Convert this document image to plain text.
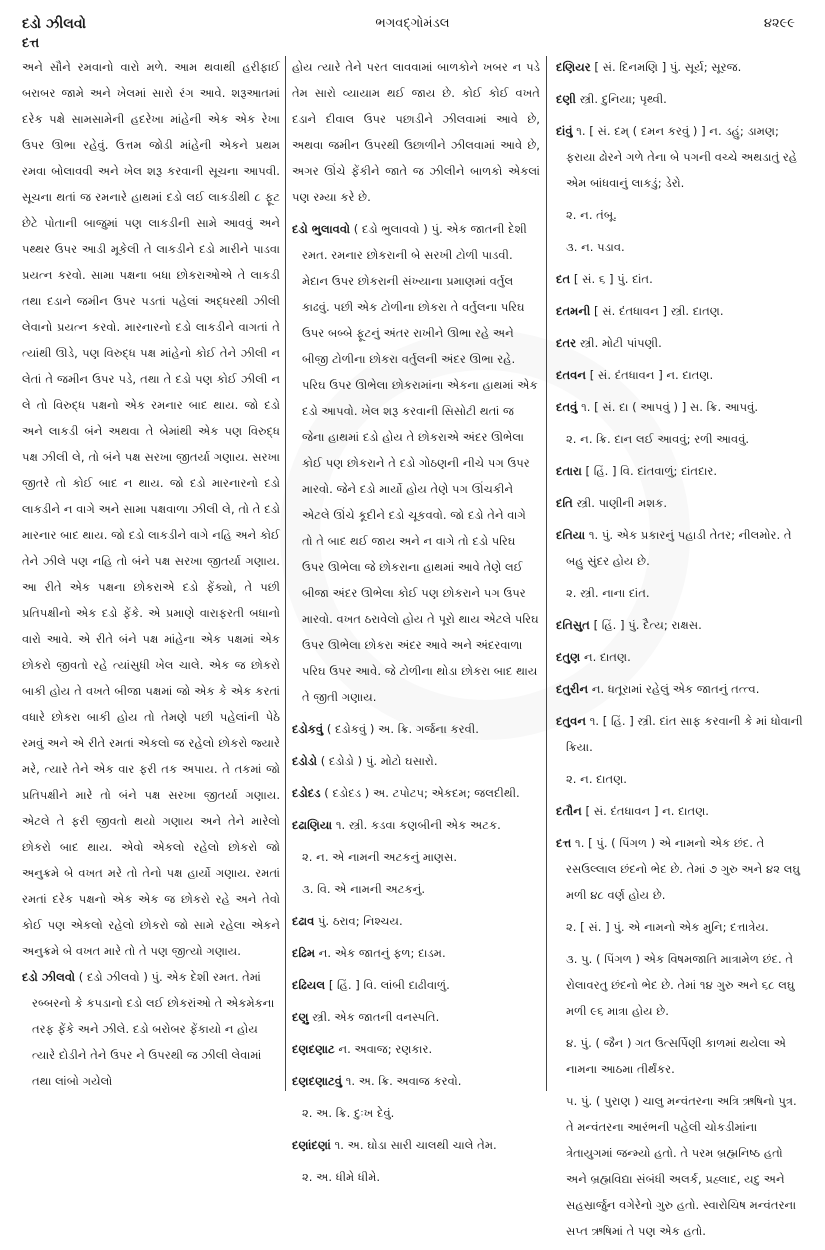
દડો ઝીલવો
દત્ત
ભગવદ્ગોમંડલ	૪૨૯૯

અને સૌને રમવાનો વારો મળે. આમ થવાથી હરીફાઈ બરાબર જામે અને ખેલમાં સારો રંગ આવે. શરૂઆતમાં દરેક પક્ષે સામસામેની હદરેખા માંહેની એક એક રેખા ઉપર ઊભા રહેવું. ઉત્તમ જોડી માંહેની એકને પ્રથમ રમવા બોલાવવી અને ખેલ શરૂ કરવાની સૂચના આપવી. સૂચના થતાં જ રમનારે હાથમાં દડો લઈ લાકડીથી ૮ ફૂટ છેટે પોતાની બાજુમાં પણ લાકડીની સામે આવવું અને પથ્થર ઉપર આડી મૂકેલી તે લાકડીને દડો મારીને પાડવા પ્રયત્ન કરવો. સામા પક્ષના બધા છોકરાઓએ તે લાકડી તથા દડાને જમીન ઉપર પડતાં પહેલાં અદ્ધરથી ઝીલી લેવાનો પ્રયત્ન કરવો. મારનારનો દડો લાકડીને વાગતાં તે ત્યાંથી ઊડે, પણ વિરુદ્ધ પક્ષ માંહેનો કોઈ તેને ઝીલી ન લેતાં તે જમીન ઉપર પડે, તથા તે દડો પણ કોઈ ઝીલી ન લે તો વિરુદ્ધ પક્ષનો એક રમનાર બાદ થાય. જો દડો અને લાકડી બંને અથવા તે બેમાંથી એક પણ વિરુદ્ધ પક્ષ ઝીલી લે, તો બંને પક્ષ સરખા જીતર્યા ગણાય. સરખા જીતરે તો કોઈ બાદ ન થાય. જો દડો મારનારનો દડો લાકડીને ન વાગે અને સામા પક્ષવાળા ઝીલી લે, તો તે દડો મારનાર બાદ થાય. જો દડો લાકડીને વાગે નહિ અને કોઈ તેને ઝીલે પણ નહિ તો બંને પક્ષ સરખા જીતર્યા ગણાય. આ રીતે એક પક્ષના છોકરાએ દડો ફેંક્યો, તે પછી પ્રતિપક્ષીનો એક દડો ફેંકે. એ પ્રમાણે વારાફરતી બધાનો વારો આવે. એ રીતે બંને પક્ષ માંહેના એક પક્ષમાં એક છોકરો જીવતો રહે ત્યાંસુધી ખેલ ચાલે. એક જ છોકરો બાકી હોય તે વખતે બીજા પક્ષમાં જો એક કે એક કરતાં વધારે છોકરા બાકી હોય તો તેમણે પછી પહેલાંની પેઠે રમવું અને એ રીતે રમતાં એકલો જ રહેલો છોકરો જ્યારે મરે, ત્યારે તેને એક વાર ફરી તક અપાય. તે તકમાં જો પ્રતિપક્ષીને મારે તો બંને પક્ષ સરખા જીતર્યા ગણાય. એટલે તે ફરી જીવતો થયો ગણાય અને તેને મારેલો છોકરો બાદ થાય. એવો એકલો રહેલો છોકરો જો અનુક્રમે બે વખત મરે તો તેનો પક્ષ હાર્યો ગણાય. રમતાં રમતાં દરેક પક્ષનો એક એક જ છોકરો રહે અને તેવો કોઈ પણ એકલો રહેલો છોકરો જો સામે રહેલા એકને અનુક્રમે બે વખત મારે તો તે પણ જીત્યો ગણાય.

દડો ઝીલવો ( દડો ઝીલવો ) પું. એક દેશી રમત. તેમાં રબ્બરનો કે કપડાનો દડો લઈ છોકરાંઓ તે એકમેકના તરફ ફેંકે અને ઝીલે. દડો બરોબર ફેંકાયો ન હોય ત્યારે દોડીને તેને ઉપર ને ઉપરથી જ ઝીલી લેવામાં તથા લાંબો ગયેલો

હોય ત્યારે તેને પરત લાવવામાં બાળકોને ખબર ન પડે તેમ સારો વ્યાયામ થઈ જાય છે. કોઈ કોઈ વખતે દડાને દીવાલ ઉપર પછાડીને ઝીલવામાં આવે છે, અથવા જમીન ઉપરથી ઉછાળીને ઝીલવામાં આવે છે, અગર ઊંચે ફેંકીને જાતે જ ઝીલીને બાળકો એકલાં પણ રમ્યા કરે છે.

દડો ભુલાવવો ( દડો ભુલાવવો ) પું. એક જાતની દેશી રમત. રમનાર છોકરાની બે સરખી ટોળી પાડવી. મેદાન ઉપર છોકરાની સંખ્યાના પ્રમાણમાં વર્તુલ કાઢવું. પછી એક ટોળીના છોકરા તે વર્તુલના પરિઘ ઉપર બબ્બે ફૂટનું અંતર રાખીને ઊભા રહે અને બીજી ટોળીના છોકરા વર્તુલની અંદર ઊભા રહે. પરિઘ ઉપર ઊભેલા છોકરામાંના એકના હાથમાં એક દડો આપવો. ખેલ શરૂ કરવાની સિસોટી થતાં જ જેના હાથમાં દડો હોય તે છોકરાએ અંદર ઊભેલા કોઈ પણ છોકરાને તે દડો ગોઠણની નીચે પગ ઉપર મારવો. જેને દડો માર્યો હોય તેણે પગ ઊંચકીને એટલે ઊંચે કૂદીને દડો ચૂકવવો. જો દડો તેને વાગે તો તે બાદ થઈ જાય અને ન વાગે તો દડો પરિઘ ઉપર ઊભેલા જે છોકરાના હાથમાં આવે તેણે લઈ બીજા અંદર ઊભેલા કોઈ પણ છોકરાને પગ ઉપર મારવો. વખત ઠરાવેલો હોય તે પૂરો થાય એટલે પરિઘ ઉપર ઊભેલા છોકરા અંદર આવે અને અંદરવાળા પરિઘ ઉપર આવે. જે ટોળીના થોડા છોકરા બાદ થાય તે જીતી ગણાય.
દડોકવું ( દડોકવું ) અ. ક્રિ. ગર્જના કરવી.
દડોડો ( દડોડો ) પું. મોટો ઘસારો.
દડોદડ ( દડોદડ ) અ. ટપોટપ; એકદમ; જલદીથી.
દઢાણિયા ૧. સ્ત્રી. કડવા કણબીની એક અટક.
૨. ન. એ નામની અટકનું માણસ.
૩. વિ. એ નામની અટકનું.
દઢાવ પું. ઠરાવ; નિશ્ચય.
દઢિમ ન. એક જાતનું ફળ; દાડમ.
દઢિયલ [ હિં. ] વિ. લાંબી દાઢીવાળું.
દણુ સ્ત્રી. એક જાતની વનસ્પતિ.
દણદણાટ ન. અવાજ; રણકાર.
દણદણાટવું ૧. અ. ક્રિ. અવાજ કરવો.
૨. અ. ક્રિ. દુઃખ દેવું.
દણાંદણાં ૧. અ. ઘોડા સારી ચાલથી ચાલે તેમ.
૨. અ. ધીમે ધીમે.
દણિયર [ સં. દિનમણિ ] પું. સૂર્ય; સૂરજ.
દણી સ્ત્રી. દુનિયા; પૃથ્વી.
દાંવું ૧. [ સં. દમ્ ( દમન કરવું ) ] ન. ડહું; ડામણ; ફરાયા ઢોરને ગળે તેના બે પગની વચ્ચે અથડાતું રહે એમ બાંધવાનું લાકડું; ડેરો.
૨. ન. તંબૂ.
૩. ન. પડાવ.
દત [ સં. ૬ ] પું. દાંત.
દતમની [ સં. દંતધાવન ] સ્ત્રી. દાતણ.
દતર સ્ત્રી. મોટી પાંપણી.
દતવન [ સં. દંતધાવન ] ન. દાતણ.
દતવું ૧. [ સં. દા ( આપવું ) ] સ. ક્રિ. આપવું.
૨. ન. ક્રિ. દાન લઈ આવવું; રળી આવવું.
દતારા [ હિં. ] વિ. દાંતવાળું; દાંતદાર.
દતિ સ્ત્રી. પાણીની મશક.
દતિયા ૧. પું. એક પ્રકારનું પહાડી તેતર; નીલમોર. તે બહુ સુંદર હોય છે.
૨. સ્ત્રી. નાના દાંત.
દતિસુત [ હિં. ] પું. દૈત્ય; રાક્ષસ.
દતુણ ન. દાતણ.
દતુરીન ન. ધતૂરામાં રહેલું એક જાતનું તત્ત્વ.
દતુવન ૧. [ હિં. ] સ્ત્રી. દાંત સાફ કરવાની કે માં ધોવાની ક્રિયા.
૨. ન. દાતણ.
દતૌન [ સં. દંતધાવન ] ન. દાતણ.
દત્ત ૧. [ પું. ( પિંગળ ) એ નામનો એક છંદ. તે રસઉલ્લાલ છંદનો ભેદ છે. તેમાં ૭ ગુરુ અને ૪૨ લઘુ મળી ૪૮ વર્ણ હોય છે.
૨. [ સં. ] પું. એ નામનો એક મુનિ; દત્તાત્રેય.
૩. પુ. ( પિંગળ ) એક વિષમજાતિ માત્રામેળ છંદ. તે રોલાવરતુ છંદનો ભેદ છે. તેમાં ૧૪ ગુરુ અને ૬૮ લઘુ મળી ૯૬ માત્રા હોય છે.
૪. પું. ( જૈન ) ગત ઉત્સર્પિણી કાળમાં થયેલા એ નામના આઠમા તીર્થંકર.
૫. પું. ( પુરાણ ) ચાલુ મન્વંતરના અત્રિ ઋષિનો પુત્ર. તે મન્વંતરના આરંભની પહેલી ચોકડીમાંના ત્રેતાયુગમાં જન્મ્યો હતો. તે પરમ બ્રહ્મનિષ્ઠ હતો અને બ્રહ્મવિદ્યા સંબંધી અલર્ક, પ્રહ્લાદ, યદુ અને સહસ્રાર્જુન વગેરેનો ગુરુ હતો. સ્વારોચિષ મન્વંતરના સપ્ત ઋષિમાં તે પણ એક હતો.
